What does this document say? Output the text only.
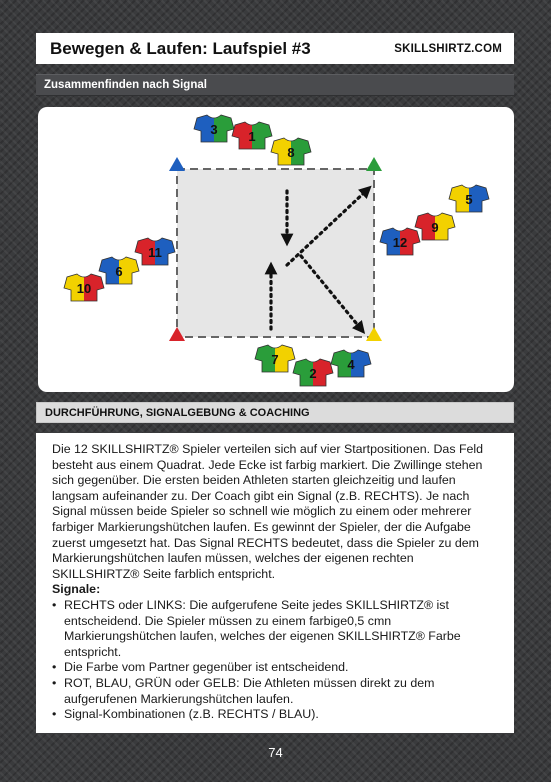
Bewegen & Laufen: Laufspiel #3	SKILLSHIRTZ.COM
Zusammenfinden nach Signal
3 1
8
5
9
12
11
6
10
7
2
4
DURCHFÜHRUNG, SIGNALGEBUNG & COACHING

Die 12 SKILLSHIRTZ® Spieler verteilen sich auf vier Startpositionen. Das Feld besteht aus einem Quadrat. Jede Ecke ist farbig markiert. Die Zwillinge stehen sich gegenüber. Die ersten beiden Athleten starten gleichzeitig und laufen langsam aufeinander zu. Der Coach gibt ein Signal (z.B. RECHTS). Je nach Signal müssen beide Spieler so schnell wie möglich zu einem oder mehrerer farbiger Markierungshütchen laufen. Es gewinnt der Spieler, der die Aufgabe zuerst umgesetzt hat. Das Signal RECHTS bedeutet, dass die Spieler zu dem Markierungshütchen laufen müssen, welches der eigenen rechten SKILLSHIRTZ® Seite farblich entspricht.

Signale:

• RECHTS oder LINKS: Die aufgerufene Seite jedes SKILLSHIRTZ® ist entscheidend. Die Spieler müssen zu einem farbige0,5 cmn Markierungshütchen laufen, welches der eigenen SKILLSHIRTZ® Farbe entspricht.
• Die Farbe vom Partner gegenüber ist entscheidend.
• ROT, BLAU, GRÜN oder GELB: Die Athleten müssen direkt zu dem aufgerufenen Markierungshütchen laufen.
• Signal-Kombinationen (z.B. RECHTS / BLAU).
74
